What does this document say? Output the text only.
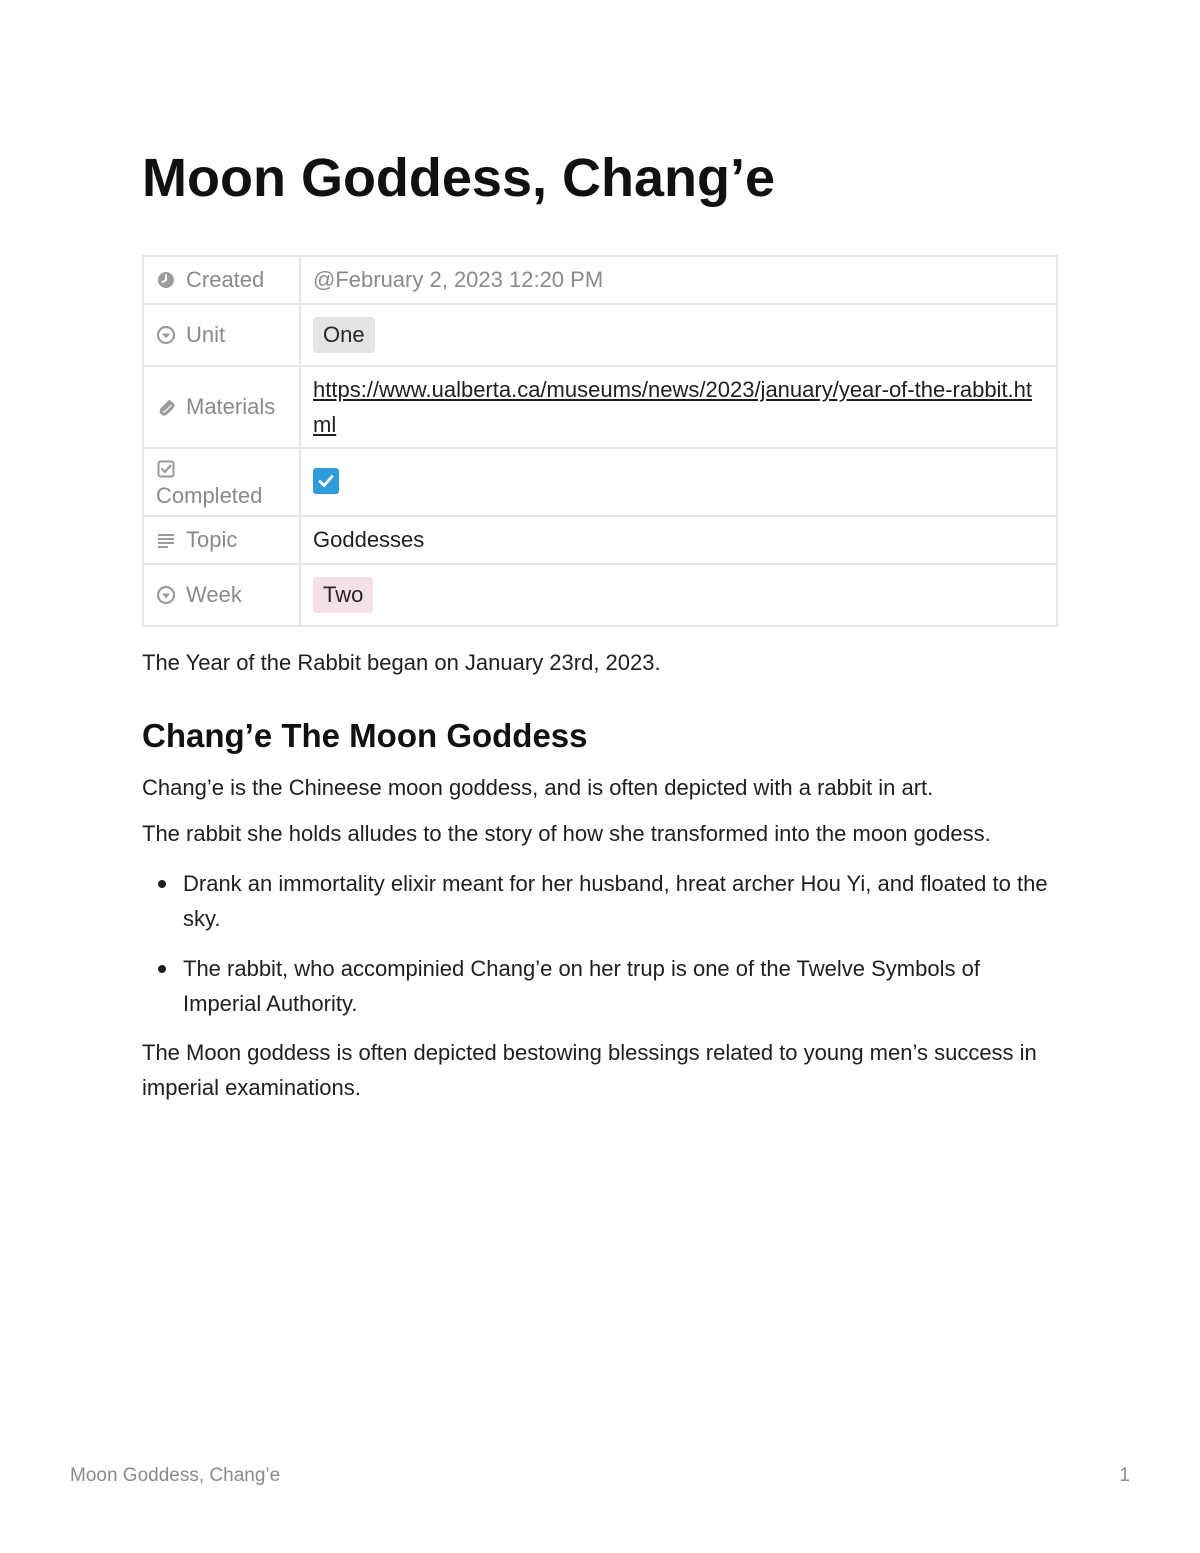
Moon Goddess, Chang’e
Created	@February 2, 2023 12:20 PM

Unit	One

Materials	https://www.ualberta.ca/museums/news/2023/january/year-of-the-rabbit.html

Completed

Topic	Goddesses

Week	Two

The Year of the Rabbit began on January 23rd, 2023.

Chang’e The Moon Goddess

Chang’e is the Chineese moon goddess, and is often depicted with a rabbit in art.

The rabbit she holds alludes to the story of how she transformed into the moon godess.

Drank an immortality elixir meant for her husband, hreat archer Hou Yi, and floated to the sky.
The rabbit, who accompinied Chang’e on her trup is one of the Twelve Symbols of Imperial Authority.

The Moon goddess is often depicted bestowing blessings related to young men’s success in imperial examinations.

Moon Goddess, Chang’e	1
